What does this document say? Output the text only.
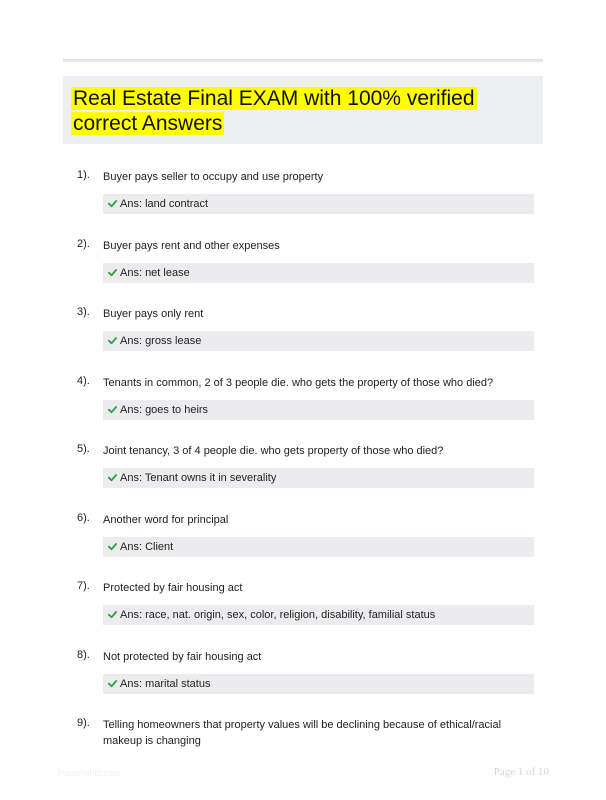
Real Estate Final EXAM with 100% verified correct Answers
1). Buyer pays seller to occupy and use property
Ans: land contract
2). Buyer pays rent and other expenses
Ans: net lease
3). Buyer pays only rent
Ans: gross lease
4). Tenants in common, 2 of 3 people die. who gets the property of those who died?
Ans: goes to heirs
5). Joint tenancy, 3 of 4 people die. who gets property of those who died?
Ans: Tenant owns it in severality
6). Another word for principal
Ans: Client
7). Protected by fair housing act
Ans: race, nat. origin, sex, color, religion, disability, familial status
8). Not protected by fair housing act
Ans: marital status
9). Telling homeowners that property values will be declining because of ethical/racial makeup is changing
Paperfabic.com	Page 1 of 10
